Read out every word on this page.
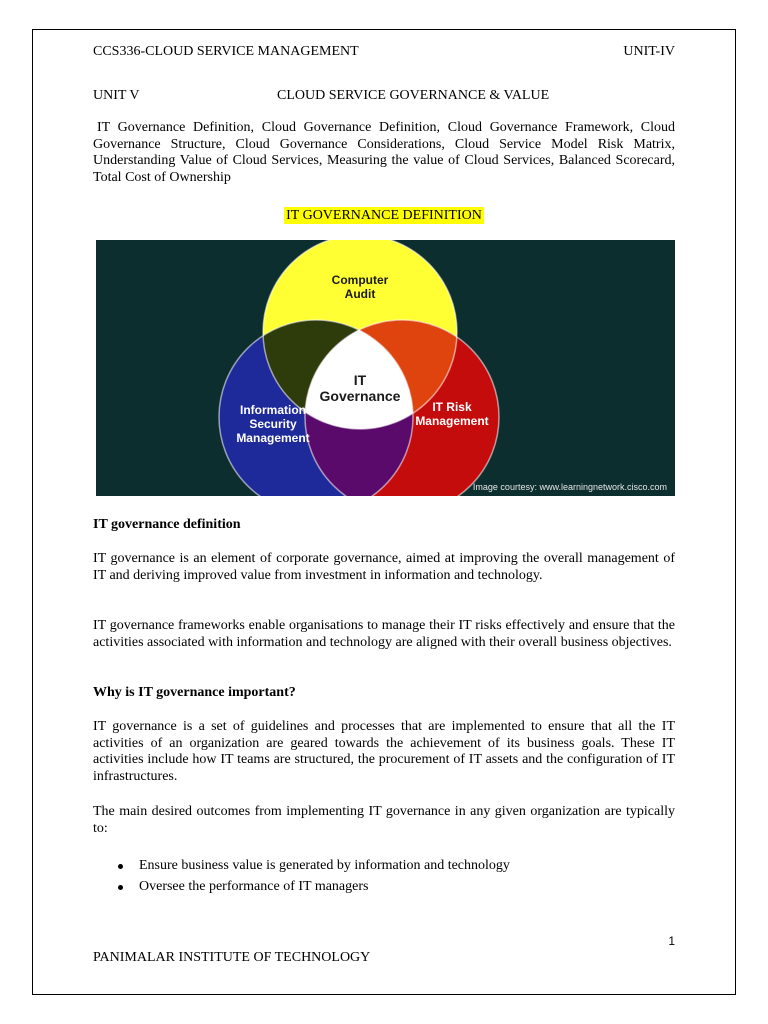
CCS336-CLOUD SERVICE MANAGEMENT	UNIT-IV
UNIT V	CLOUD SERVICE GOVERNANCE & VALUE
IT Governance Definition, Cloud Governance Definition, Cloud Governance Framework, Cloud Governance Structure, Cloud Governance Considerations, Cloud Service Model Risk Matrix, Understanding Value of Cloud Services, Measuring the value of Cloud Services, Balanced Scorecard, Total Cost of Ownership
IT GOVERNANCE DEFINITION
Computer
Audit
Information
Security
Management
IT Risk
Management
IT
Governance
Image courtesy: www.learningnetwork.cisco.com
IT governance definition
IT governance is an element of corporate governance, aimed at improving the overall management of IT and deriving improved value from investment in information and technology.
IT governance frameworks enable organisations to manage their IT risks effectively and ensure that the activities associated with information and technology are aligned with their overall business objectives.
Why is IT governance important?
IT governance is a set of guidelines and processes that are implemented to ensure that all the IT activities of an organization are geared towards the achievement of its business goals. These IT activities include how IT teams are structured, the procurement of IT assets and the configuration of IT infrastructures.
The main desired outcomes from implementing IT governance in any given organization are typically to:
Ensure business value is generated by information and technology
Oversee the performance of IT managers
1
PANIMALAR INSTITUTE OF TECHNOLOGY
